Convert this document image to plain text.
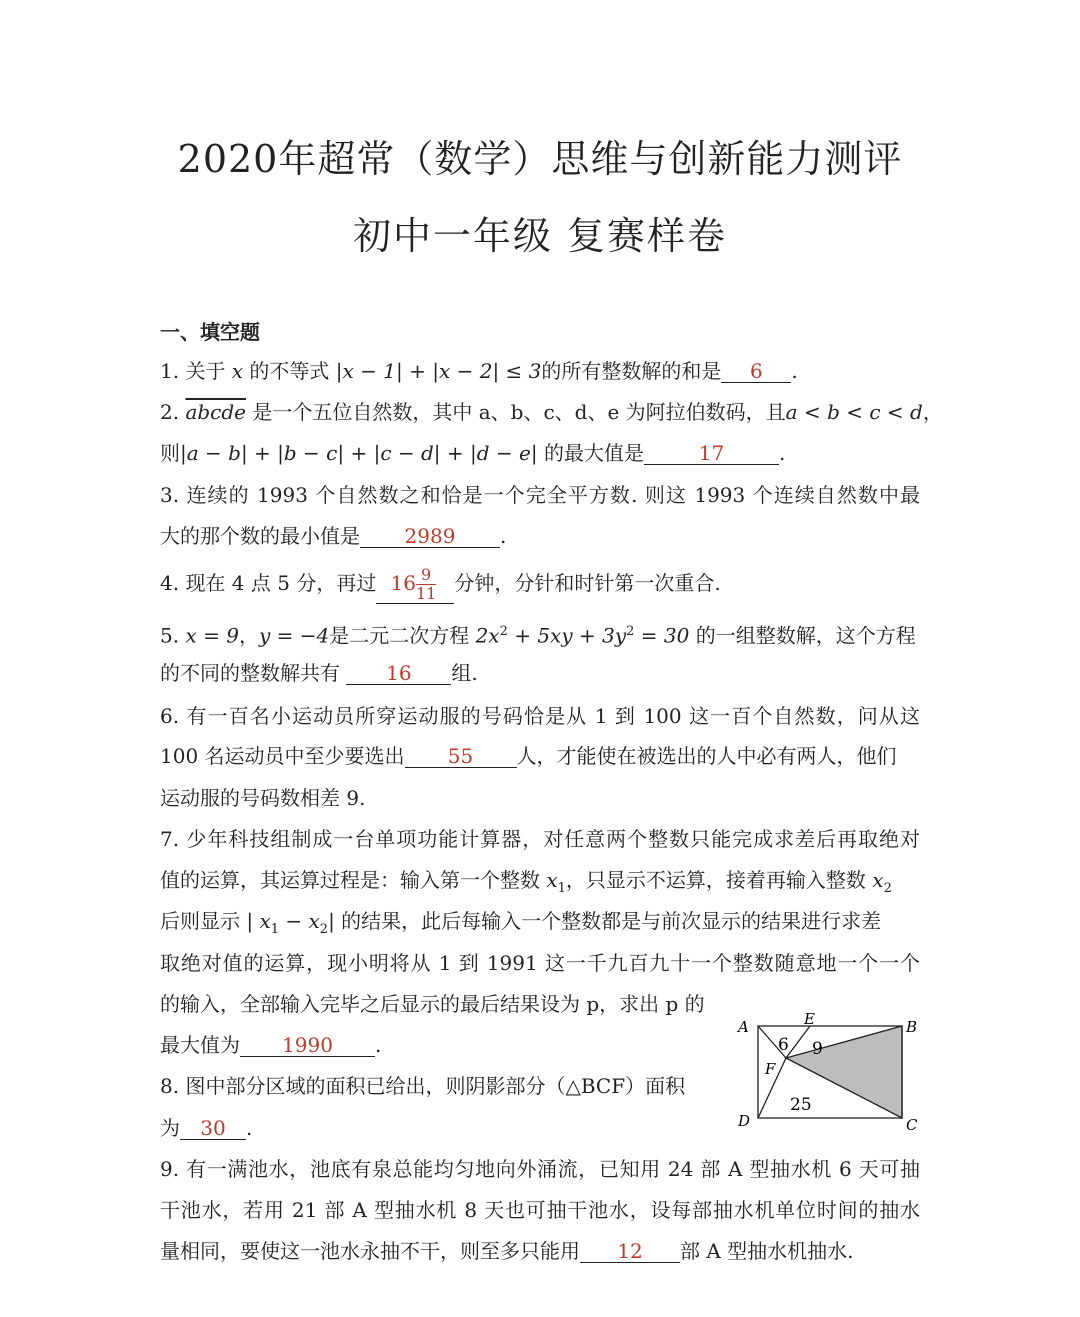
2020年超常（数学）思维与创新能力测评
初中一年级 复赛样卷
一、填空题
1. 关于 x 的不等式 |x − 1| + |x − 2| ≤ 3的所有整数解的和是 6 .
2. abcde 是一个五位自然数，其中 a、b、c、d、e 为阿拉伯数码，且a < b < c < d，
则|a − b| + |b − c| + |c − d| + |d − e| 的最大值是	17	.
3. 连续的 1993 个自然数之和恰是一个完全平方数. 则这 1993 个连续自然数中最
大的那个数的最小值是 2989 .
4. 现在 4 点 5 分，再过 $16 \frac{9}{11}$ 分钟，分针和时针第一次重合.
5. x = 9，y = −4是二元二次方程 $2x^2 + 5xy + 3y^2 = 30$ 的一组整数解，这个方程
的不同的整数解共有 16 组.
6. 有一百名小运动员所穿运动服的号码恰是从 1 到 100 这一百个自然数，问从这
100 名运动员中至少要选出 55 人，才能使在被选出的人中必有两人，他们
运动服的号码数相差 9.
7. 少年科技组制成一台单项功能计算器，对任意两个整数只能完成求差后再取绝对
值的运算，其运算过程是：输入第一个整数 $x_1$，只显示不运算，接着再输入整数 $x_2$
后则显示 | $x_1 - x_2|$ 的结果，此后每输入一个整数都是与前次显示的结果进行求差
取绝对值的运算，现小明将从 1 到 1991 这一千九百九十一个整数随意地一个一个
的输入，全部输入完毕之后显示的最后结果设为 p，求出 p 的
最大值为 1990 .
8. 图中部分区域的面积已给出，则阴影部分（△BCF）面积
为 30 .
A	B
C
D
E
F
6 9
25
9. 有一满池水，池底有泉总能均匀地向外涌流，已知用 24 部 A 型抽水机 6 天可抽
干池水，若用 21 部 A 型抽水机 8 天也可抽干池水，设每部抽水机单位时间的抽水
量相同，要使这一池水永抽不干，则至多只能用 12 部 A 型抽水机抽水.
